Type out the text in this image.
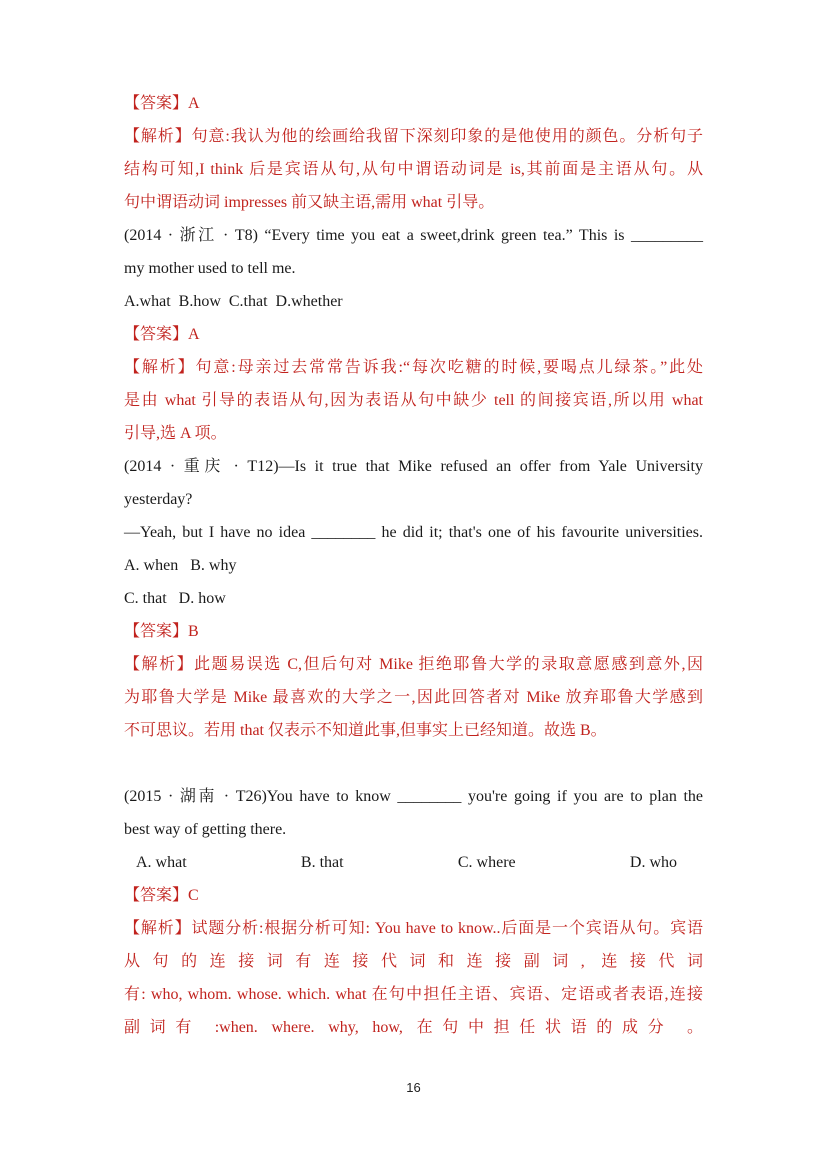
【答案】A
【解析】句意:我认为他的绘画给我留下深刻印象的是他使用的颜色。分析句子
结构可知,I think 后是宾语从句,从句中谓语动词是 is,其前面是主语从句。从
句中谓语动词 impresses 前又缺主语,需用 what 引导。
(2014 · 浙江 · T8) “Every time you eat a sweet,drink green tea.” This is _________
my mother used to tell me.
A.what  B.how  C.that  D.whether
【答案】A
【解析】句意:母亲过去常常告诉我:“每次吃糖的时候,要喝点儿绿茶。”此处
是由 what 引导的表语从句,因为表语从句中缺少 tell 的间接宾语,所以用 what
引导,选 A 项。
(2014 · 重庆 · T12)—Is it true that Mike refused an offer from Yale University
yesterday?
—Yeah, but I have no idea ________ he did it; that's one of his favourite universities.
A. when   B. why
C. that   D. how
【答案】B
【解析】此题易误选 C,但后句对 Mike 拒绝耶鲁大学的录取意愿感到意外,因
为耶鲁大学是 Mike 最喜欢的大学之一,因此回答者对 Mike 放弃耶鲁大学感到
不可思议。若用 that 仅表示不知道此事,但事实上已经知道。故选 B。
(2015 · 湖南 · T26)You have to know ________ you're going if you are to plan the
best way of getting there.
A. what	B. that	C. where	D. who
【答案】C
【解析】试题分析:根据分析可知: You have to know..后面是一个宾语从句。宾语
从句的连接词有连接代词和连接副词, 连接代词
有: who, whom. whose. which. what 在句中担任主语、宾语、定语或者表语,连接
副词有 :when. where. why, how, 在句中担任状语的成分 。
16
